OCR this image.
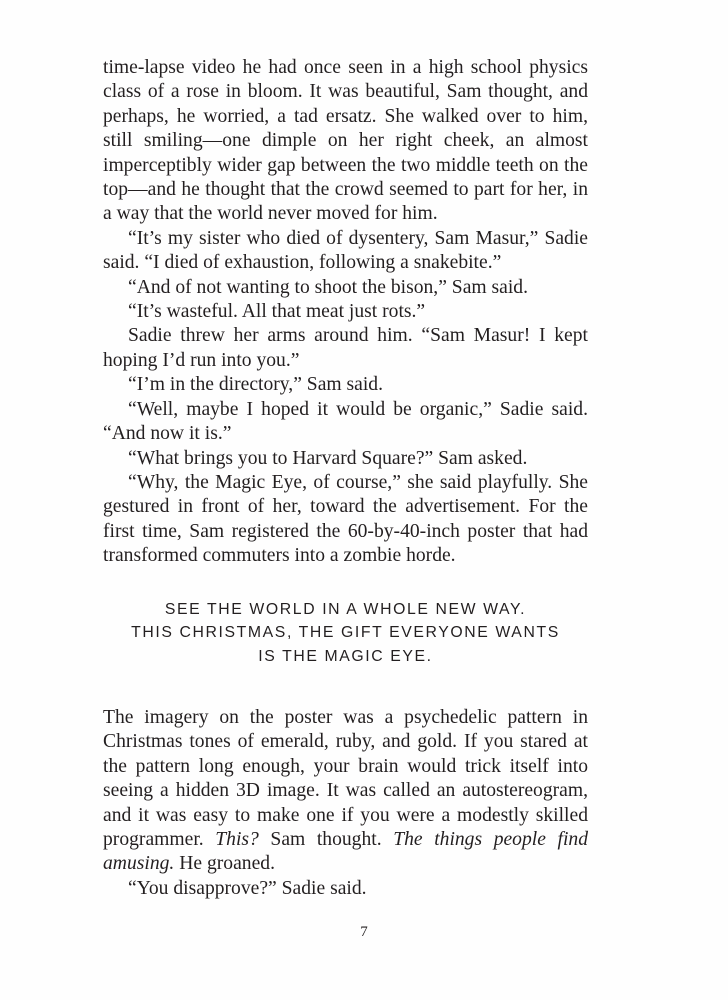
time-lapse video he had once seen in a high school physics class of a rose in bloom. It was beautiful, Sam thought, and perhaps, he worried, a tad ersatz. She walked over to him, still smiling—one dimple on her right cheek, an almost imperceptibly wider gap between the two middle teeth on the top—and he thought that the crowd seemed to part for her, in a way that the world never moved for him.

“It’s my sister who died of dysentery, Sam Masur,” Sadie said. “I died of exhaustion, following a snakebite.”

“And of not wanting to shoot the bison,” Sam said.

“It’s wasteful. All that meat just rots.”

Sadie threw her arms around him. “Sam Masur! I kept hoping I’d run into you.”

“I’m in the directory,” Sam said.

“Well, maybe I hoped it would be organic,” Sadie said. “And now it is.”

“What brings you to Harvard Square?” Sam asked.

“Why, the Magic Eye, of course,” she said playfully. She gestured in front of her, toward the advertisement. For the first time, Sam registered the 60-by-40-inch poster that had transformed commuters into a zombie horde.

SEE THE WORLD IN A WHOLE NEW WAY.
THIS CHRISTMAS, THE GIFT EVERYONE WANTS
IS THE MAGIC EYE.

The imagery on the poster was a psychedelic pattern in Christmas tones of emerald, ruby, and gold. If you stared at the pattern long enough, your brain would trick itself into seeing a hidden 3D image. It was called an autostereogram, and it was easy to make one if you were a modestly skilled programmer. This? Sam thought. The things people find amusing. He groaned.

“You disapprove?” Sadie said.

7
